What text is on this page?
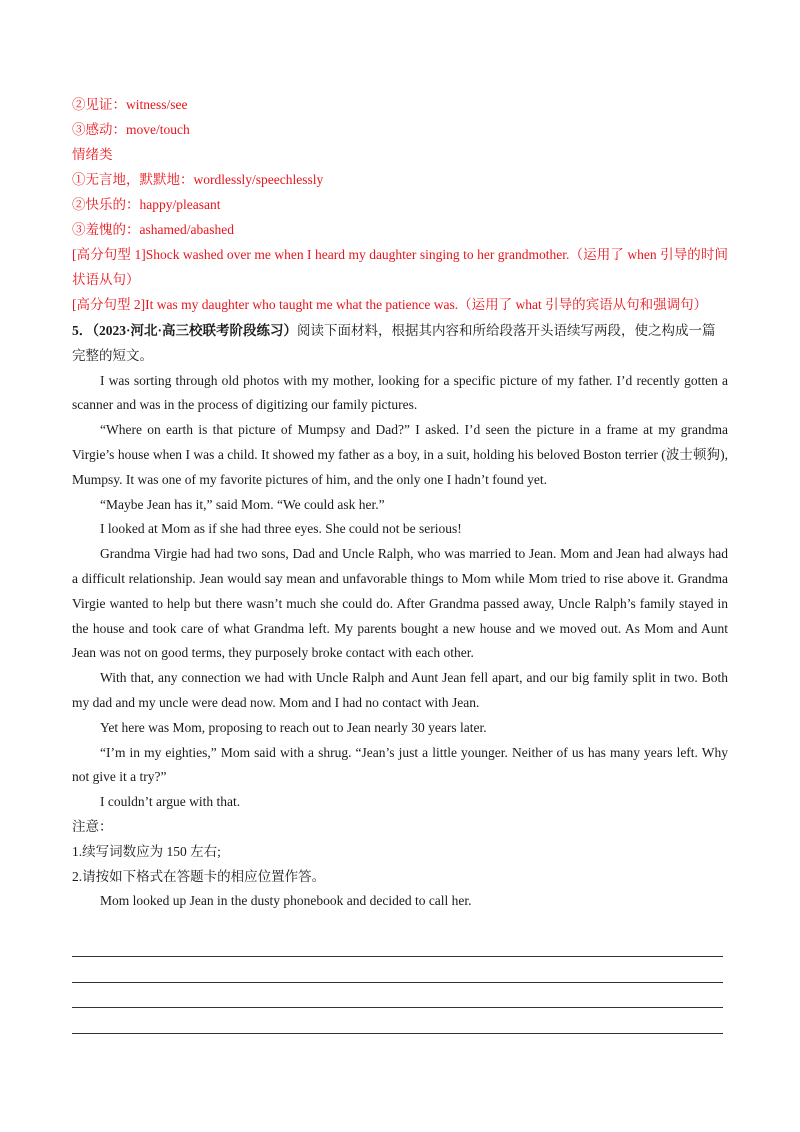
②见证：witness/see
③感动：move/touch
情绪类
①无言地，默默地：wordlessly/speechlessly
②快乐的：happy/pleasant
③羞愧的：ashamed/abashed
[高分句型 1]Shock washed over me when I heard my daughter singing to her grandmother.（运用了 when 引导的时间状语从句）
[高分句型 2]It was my daughter who taught me what the patience was.（运用了 what 引导的宾语从句和强调句）
5．（2023·河北·高三校联考阶段练习）阅读下面材料，根据其内容和所给段落开头语续写两段，使之构成一篇完整的短文。

I was sorting through old photos with my mother, looking for a specific picture of my father. I’d recently gotten a scanner and was in the process of digitizing our family pictures.

“Where on earth is that picture of Mumpsy and Dad?” I asked. I’d seen the picture in a frame at my grandma Virgie’s house when I was a child. It showed my father as a boy, in a suit, holding his beloved Boston terrier (波士顿狗), Mumpsy. It was one of my favorite pictures of him, and the only one I hadn’t found yet.

“Maybe Jean has it,” said Mom. “We could ask her.”

I looked at Mom as if she had three eyes. She could not be serious!

Grandma Virgie had had two sons, Dad and Uncle Ralph, who was married to Jean. Mom and Jean had always had a difficult relationship. Jean would say mean and unfavorable things to Mom while Mom tried to rise above it. Grandma Virgie wanted to help but there wasn’t much she could do. After Grandma passed away, Uncle Ralph’s family stayed in the house and took care of what Grandma left. My parents bought a new house and we moved out. As Mom and Aunt Jean was not on good terms, they purposely broke contact with each other.

With that, any connection we had with Uncle Ralph and Aunt Jean fell apart, and our big family split in two. Both my dad and my uncle were dead now. Mom and I had no contact with Jean.

Yet here was Mom, proposing to reach out to Jean nearly 30 years later.

“I’m in my eighties,” Mom said with a shrug. “Jean’s just a little younger. Neither of us has many years left. Why not give it a try?”

I couldn’t argue with that.

注意：
1.续写词数应为 150 左右;
2.请按如下格式在答题卡的相应位置作答。

Mom looked up Jean in the dusty phonebook and decided to call her.
